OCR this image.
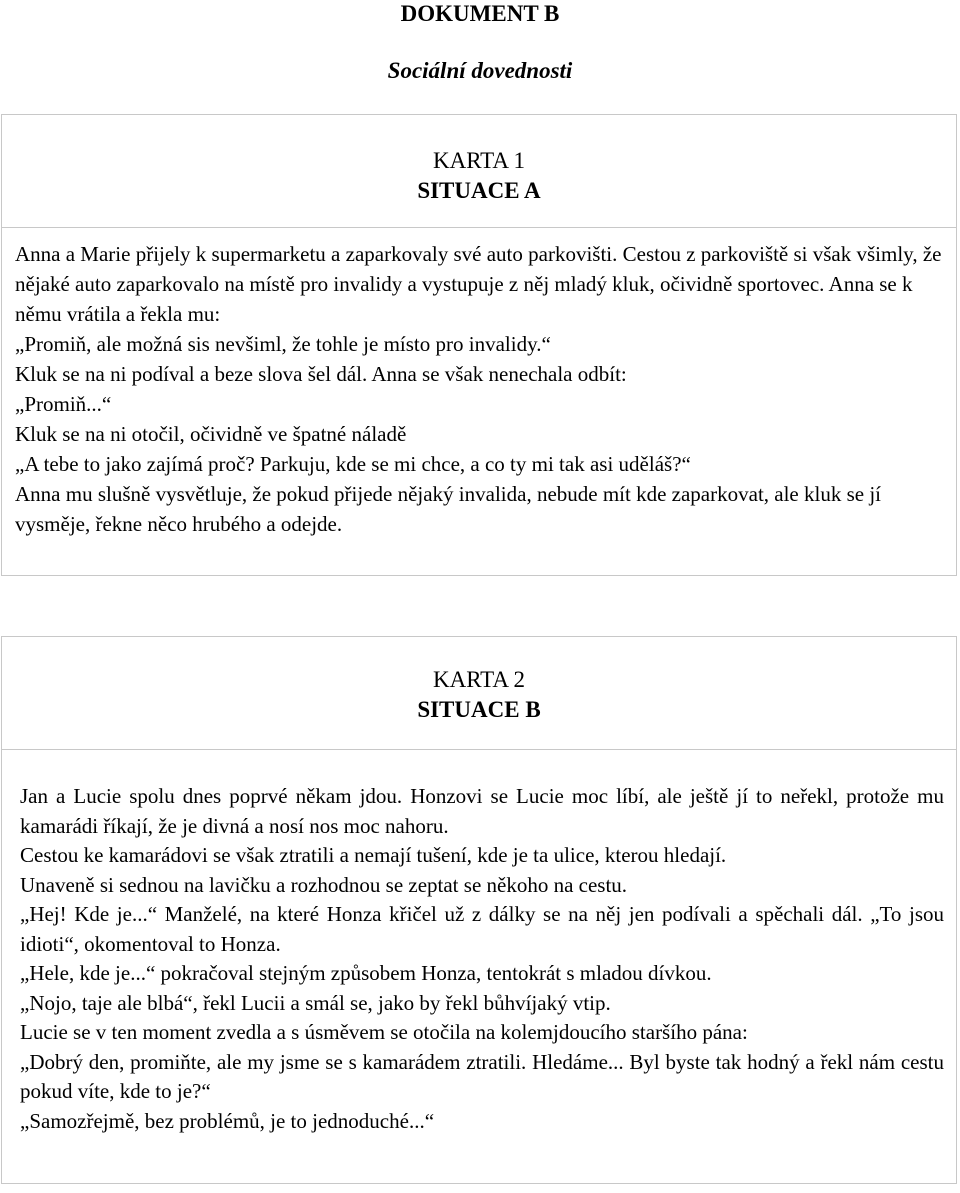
DOKUMENT B
Sociální dovednosti
KARTA 1
SITUACE A

Anna a Marie přijely k supermarketu a zaparkovaly své auto parkovišti. Cestou z parkoviště si však všimly, že nějaké auto zaparkovalo na místě pro invalidy a vystupuje z něj mladý kluk, očividně sportovec. Anna se k němu vrátila a řekla mu:

„Promiň, ale možná sis nevšiml, že tohle je místo pro invalidy.“

Kluk se na ni podíval a beze slova šel dál. Anna se však nenechala odbít:

„Promiň...“

Kluk se na ni otočil, očividně ve špatné náladě

„A tebe to jako zajímá proč? Parkuju, kde se mi chce, a co ty mi tak asi uděláš?“

Anna mu slušně vysvětluje, že pokud přijede nějaký invalida, nebude mít kde zaparkovat, ale kluk se jí vysměje, řekne něco hrubého a odejde.

KARTA 2
SITUACE B

Jan a Lucie spolu dnes poprvé někam jdou. Honzovi se Lucie moc líbí, ale ještě jí to neřekl, protože mu kamarádi říkají, že je divná a nosí nos moc nahoru.

Cestou ke kamarádovi se však ztratili a nemají tušení, kde je ta ulice, kterou hledají.

Unaveně si sednou na lavičku a rozhodnou se zeptat se někoho na cestu.

„Hej! Kde je...“ Manželé, na které Honza křičel už z dálky se na něj jen podívali a spěchali dál. „To jsou idioti“, okomentoval to Honza.

„Hele, kde je...“ pokračoval stejným způsobem Honza, tentokrát s mladou dívkou.

„Nojo, taje ale blbá“, řekl Lucii a smál se, jako by řekl bůhvíjaký vtip.

Lucie se v ten moment zvedla a s úsměvem se otočila na kolemjdoucího staršího pána:

„Dobrý den, promiňte, ale my jsme se s kamarádem ztratili. Hledáme... Byl byste tak hodný a řekl nám cestu pokud víte, kde to je?“

„Samozřejmě, bez problémů, je to jednoduché...“
